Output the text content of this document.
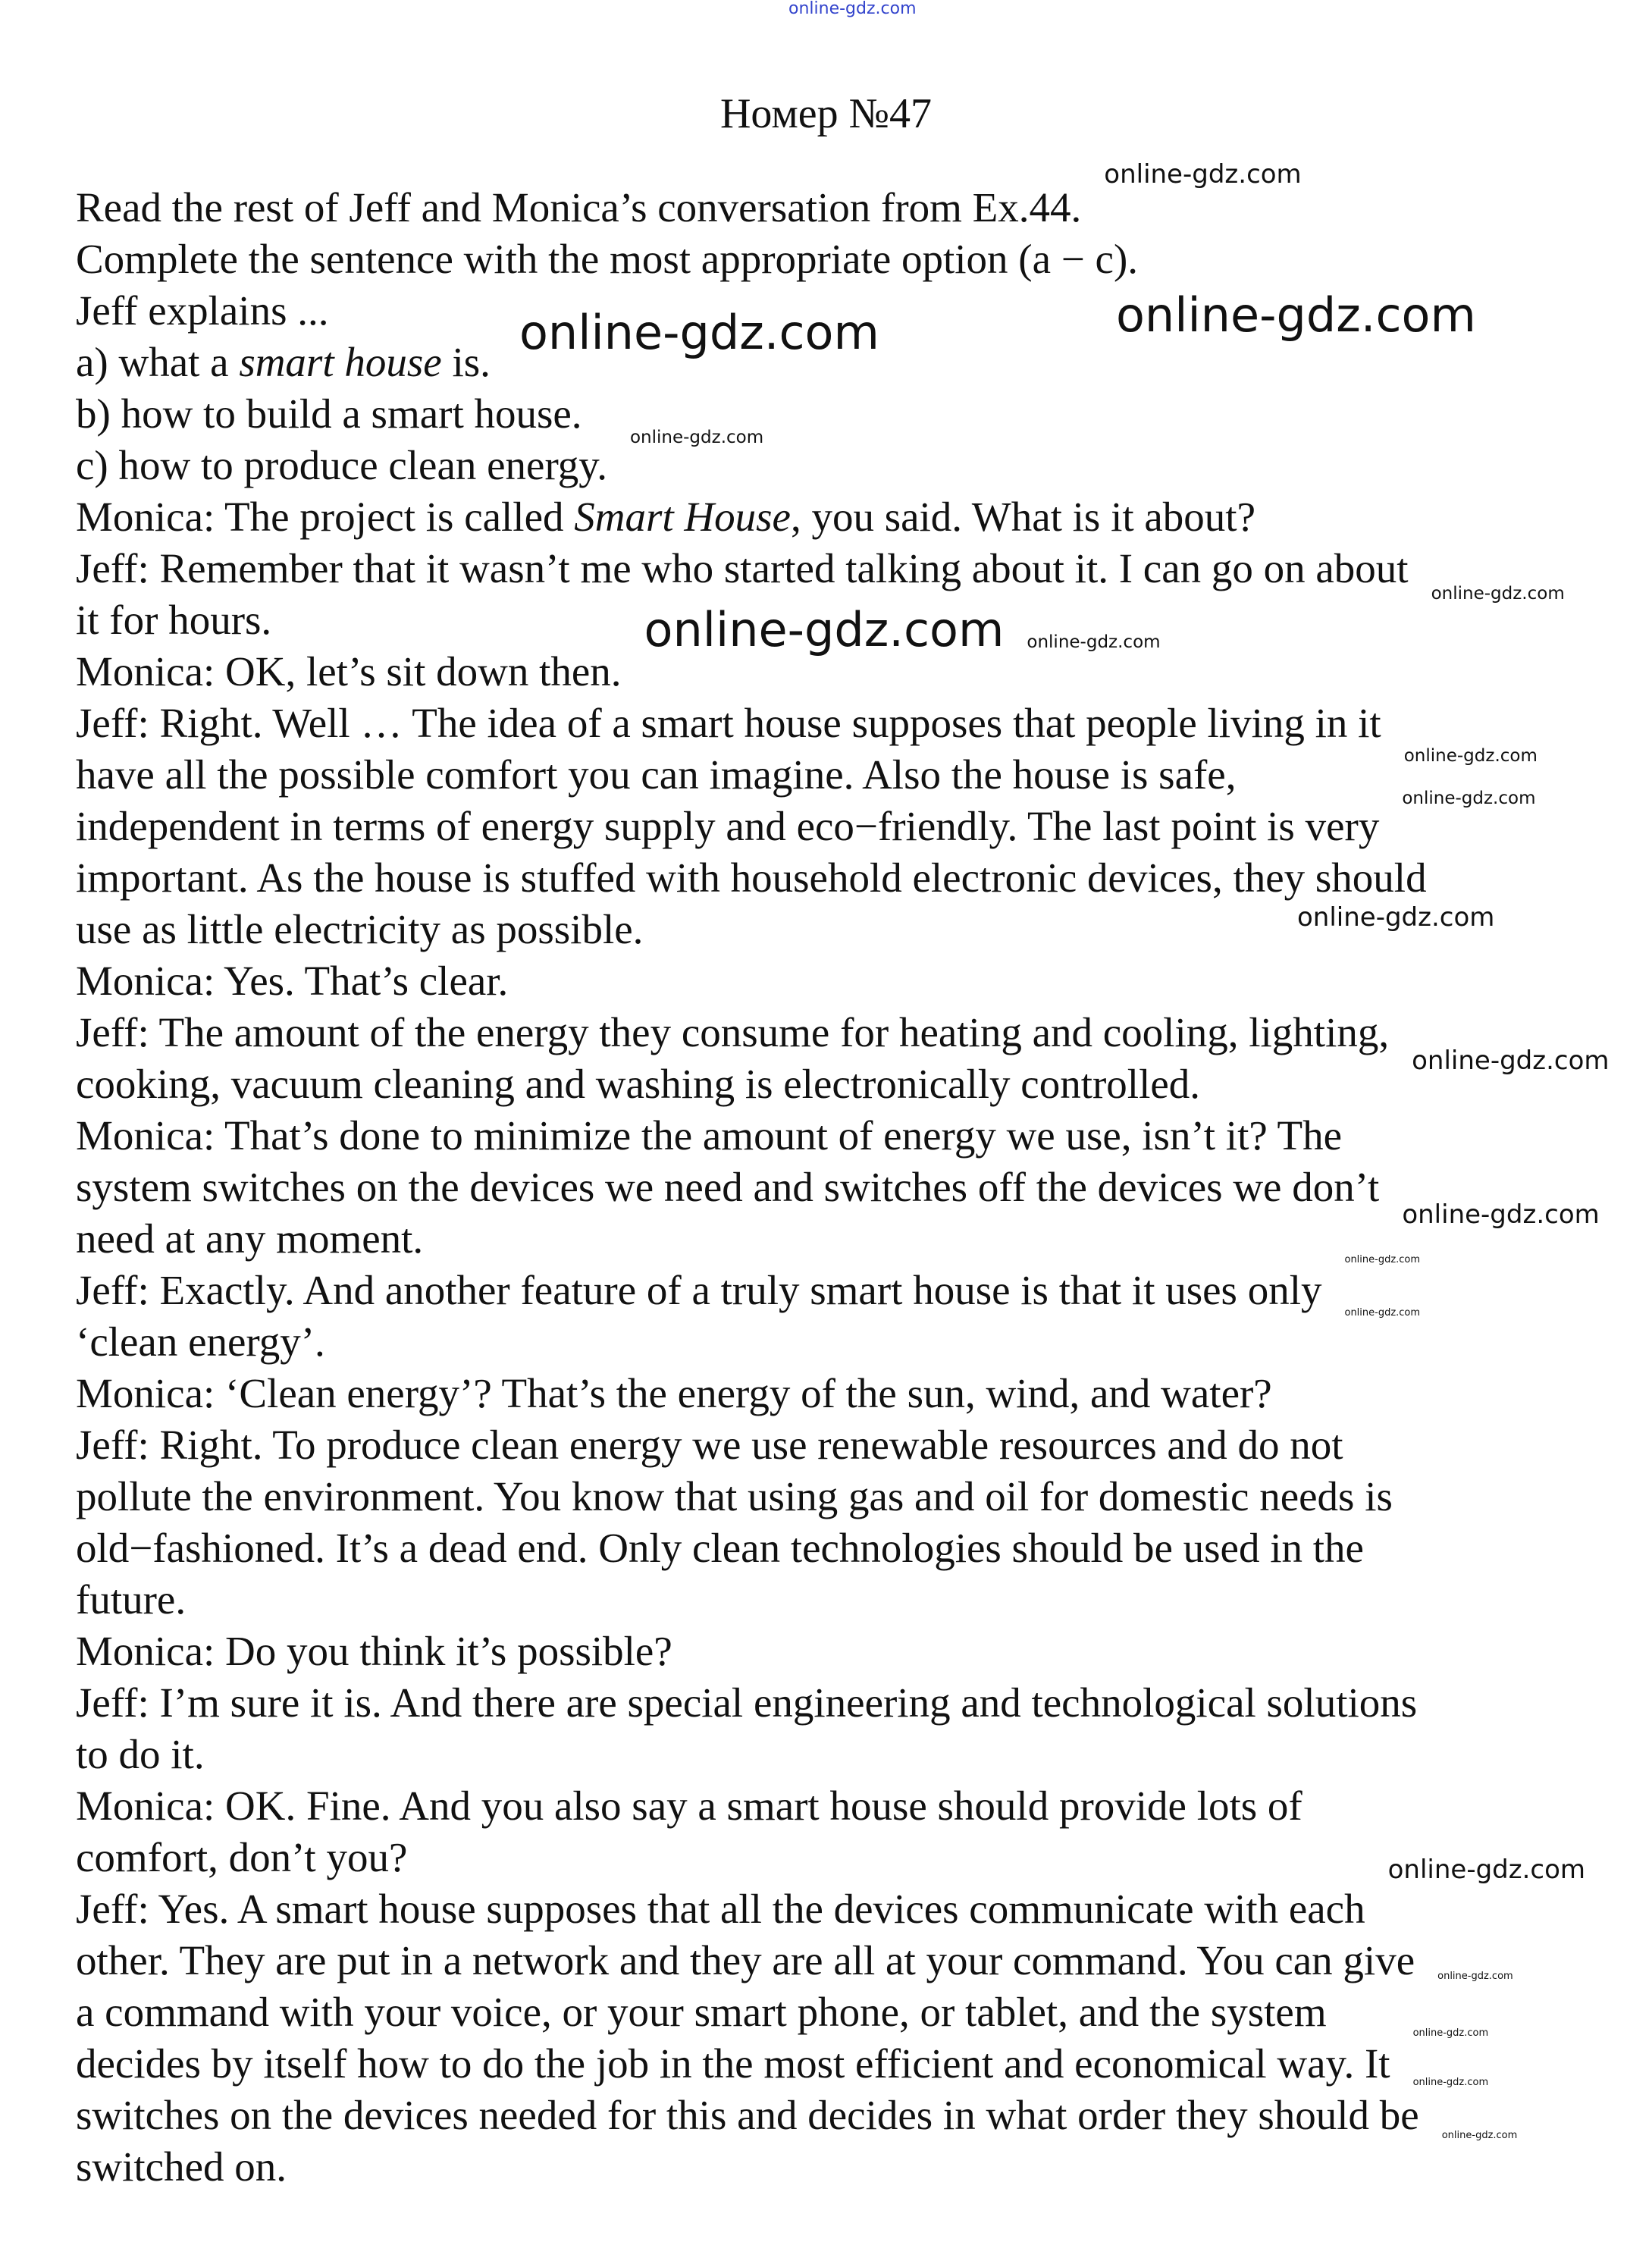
online-gdz.com
Номер №47
Read the rest of Jeff and Monica’s conversation from Ex.44.
Complete the sentence with the most appropriate option (a − c).
Jeff explains ...
a) what a smart house is.
b) how to build a smart house.
c) how to produce clean energy.
Monica: The project is called Smart House, you said. What is it about?
Jeff: Remember that it wasn’t me who started talking about it. I can go on about
it for hours.
Monica: OK, let’s sit down then.
Jeff: Right. Well … The idea of a smart house supposes that people living in it
have all the possible comfort you can imagine. Also the house is safe,
independent in terms of energy supply and eco−friendly. The last point is very
important. As the house is stuffed with household electronic devices, they should
use as little electricity as possible.
Monica: Yes. That’s clear.
Jeff: The amount of the energy they consume for heating and cooling, lighting,
cooking, vacuum cleaning and washing is electronically controlled.
Monica: That’s done to minimize the amount of energy we use, isn’t it? The
system switches on the devices we need and switches off the devices we don’t
need at any moment.
Jeff: Exactly. And another feature of a truly smart house is that it uses only
‘clean energy’.
Monica: ‘Clean energy’? That’s the energy of the sun, wind, and water?
Jeff: Right. To produce clean energy we use renewable resources and do not
pollute the environment. You know that using gas and oil for domestic needs is
old−fashioned. It’s a dead end. Only clean technologies should be used in the
future.
Monica: Do you think it’s possible?
Jeff: I’m sure it is. And there are special engineering and technological solutions
to do it.
Monica: OK. Fine. And you also say a smart house should provide lots of
comfort, don’t you?
Jeff: Yes. A smart house supposes that all the devices communicate with each
other. They are put in a network and they are all at your command. You can give
a command with your voice, or your smart phone, or tablet, and the system
decides by itself how to do the job in the most efficient and economical way. It
switches on the devices needed for this and decides in what order they should be
switched on.
online-gdz.com	online-gdz.com
online-gdz.com
online-gdz.com
online-gdz.com
online-gdz.com
online-gdz.com
online-gdz.com
online-gdz.com
online-gdz.com
online-gdz.com
online-gdz.com
online-gdz.com
online-gdz.com
online-gdz.com
online-gdz.com
online-gdz.com
online-gdz.com
online-gdz.com
